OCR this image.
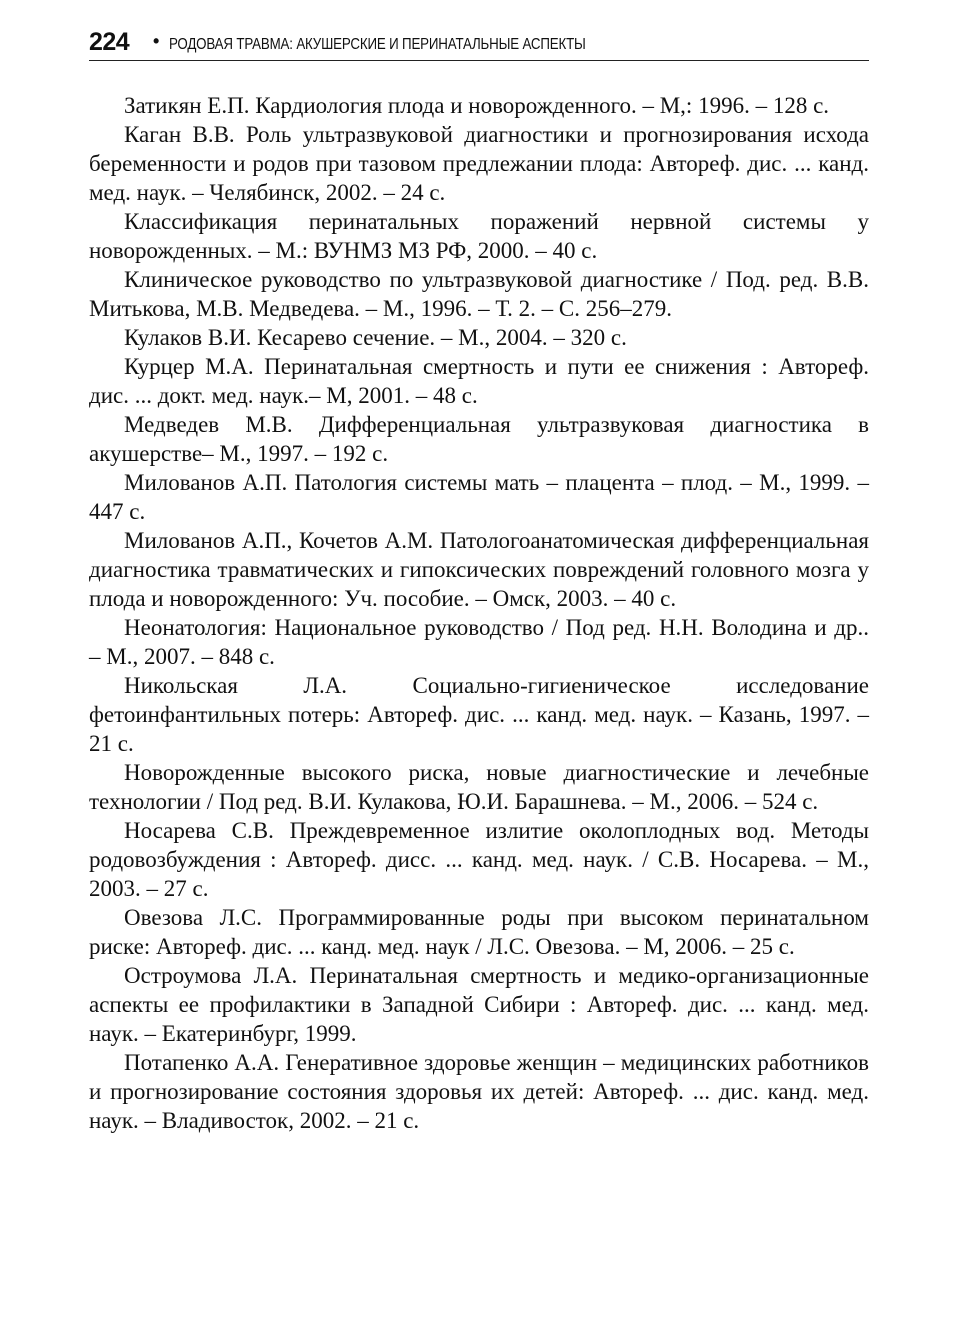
224 • РОДОВАЯ ТРАВМА: АКУШЕРСКИЕ И ПЕРИНАТАЛЬНЫЕ АСПЕКТЫ
Затикян Е.П. Кардиология плода и новорожденного. – М,: 1996. – 128 с.
Каган В.В. Роль ультразвуковой диагностики и прогнозирования исхода беременности и родов при тазовом предлежании плода: Автореф. дис. ... канд. мед. наук. – Челябинск, 2002. – 24 с.
Классификация перинатальных поражений нервной системы у новорожденных. – М.: ВУНМЗ МЗ РФ, 2000. – 40 с.
Клиническое руководство по ультразвуковой диагностике / Под. ред. В.В. Митькова, М.В. Медведева. – М., 1996. – Т. 2. – С. 256–279.
Кулаков В.И. Кесарево сечение. – М., 2004. – 320 с.
Курцер М.А. Перинатальная смертность и пути ее снижения : Автореф. дис. ... докт. мед. наук.– М, 2001. – 48 с.
Медведев М.В. Дифференциальная ультразвуковая диагностика в акушерстве– М., 1997. – 192 с.
Милованов А.П. Патология системы мать – плацента – плод. – М., 1999. – 447 с.
Милованов А.П., Кочетов А.М. Патологоанатомическая дифференциальная диагностика травматических и гипоксических повреждений головного мозга у плода и новорожденного: Уч. пособие. – Омск, 2003. – 40 с.
Неонатология: Национальное руководство / Под ред. Н.Н. Володина и др.. – М., 2007. – 848 с.
Никольская Л.А. Социально-гигиеническое исследование фетоинфантильных потерь: Автореф. дис. ... канд. мед. наук. – Казань, 1997. – 21 с.
Новорожденные высокого риска, новые диагностические и лечебные технологии / Под ред. В.И. Кулакова, Ю.И. Барашнева. – М., 2006. – 524 с.
Носарева С.В. Преждевременное излитие околоплодных вод. Методы родовозбуждения : Автореф. дисс. ... канд. мед. наук. / С.В. Носарева. – М., 2003. – 27 с.
Овезова Л.С. Программированные роды при высоком перинатальном риске: Автореф. дис. ... канд. мед. наук / Л.С. Овезова. – М, 2006. – 25 с.
Остроумова Л.А. Перинатальная смертность и медико-организационные аспекты ее профилактики в Западной Сибири : Автореф. дис. ... канд. мед. наук. – Екатеринбург, 1999.
Потапенко А.А. Генеративное здоровье женщин – медицинских работников и прогнозирование состояния здоровья их детей: Автореф. ... дис. канд. мед. наук. – Владивосток, 2002. – 21 с.
